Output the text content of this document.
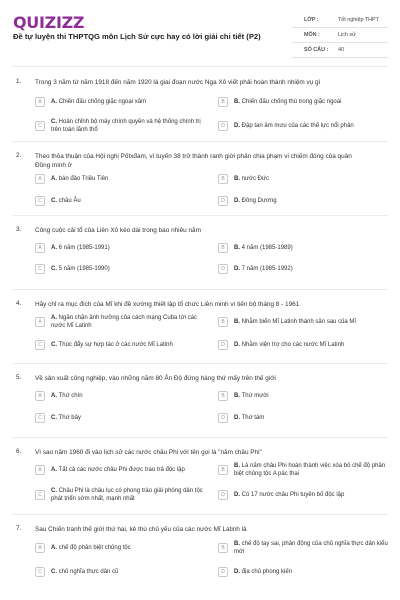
QUIZIZZ
Đề tự luyện thi THPTQG môn Lịch Sử cực hay có lời giải chi tiết (P2)
LỚP :	Tốt nghiệp THPT
MÔN :	Lịch sử
SỐ CÂU : 40
1. Trong 3 năm từ năm 1918 đến năm 1920 là giai đoạn nước Nga Xô viết phải hoàn thành nhiệm vụ gì
A	A. Chiến đấu chống giặc ngoại xâm	B	B. Chiến đấu chống thù trong giặc ngoài
C
C. Hoàn chỉnh bộ máy chính quyền và hệ thống chính trị trên toàn lãnh thổ
D	D. Đập tan âm mưu của các thế lực nổi phản
2. Theo thỏa thuận của Hội nghị Pốtxđam, vì tuyến 38 trở thành ranh giới phân chia phạm vi chiếm đóng của quân Đồng minh ở
A	A. bán đảo Triều Tiên	B	B. nước Đức
C	C. châu Âu	D	D. Đông Dương
3. Công cuộc cải tổ của Liên Xô kéo dài trong bao nhiêu năm
A	A. 6 năm (1985-1991)	B	B. 4 năm (1985-1989)
C	C. 5 năm (1985-1990)	D	D. 7 năm (1985-1992)
4. Hãy chỉ ra mục đích của Mĩ khi đề xướng thiết lập tổ chức Liên minh vì tiến bộ tháng 8 - 1961
A
A. Ngăn chặn ảnh hưởng của cách mạng Cuba tới các nước Mĩ Latinh
B	B. Nhằm biến Mĩ Latinh thành sân sau của Mĩ
C	C. Thúc đẩy sự hợp tác ở các nước Mĩ Latinh	D	D. Nhằm viện trợ cho các nước Mĩ Latinh
5. Về sản xuất công nghiệp, vào những năm 80 Ấn Độ đứng hàng thứ mấy trên thế giới
A	A. Thứ chín	B	B. Thứ mười
C	C. Thứ bảy	D	D. Thứ tám
6. Vì sao năm 1960 đi vào lịch sử các nước châu Phi với tên gọi là "năm châu Phi"
A	A. Tất cả các nước châu Phi được trao trả độc lập	B
B. Là năm châu Phi hoàn thành việc xóa bỏ chế độ phân biệt chủng tộc A pác thai
C
C. Châu Phi là châu lục có phong trào giải phóng dân tộc phát triển sớm nhất, mạnh nhất
D	D. Có 17 nước châu Phi tuyên bố độc lập
7. Sau Chiến tranh thế giới thứ hai, kẻ thù chủ yếu của các nước Mĩ Latinh là
A	A. chế độ phân biệt chủng tộc	B
B. chế độ tay sai, phản động của chủ nghĩa thực dân kiểu mới
C	C. chủ nghĩa thực dân cũ	D	D. địa chủ phong kiến
